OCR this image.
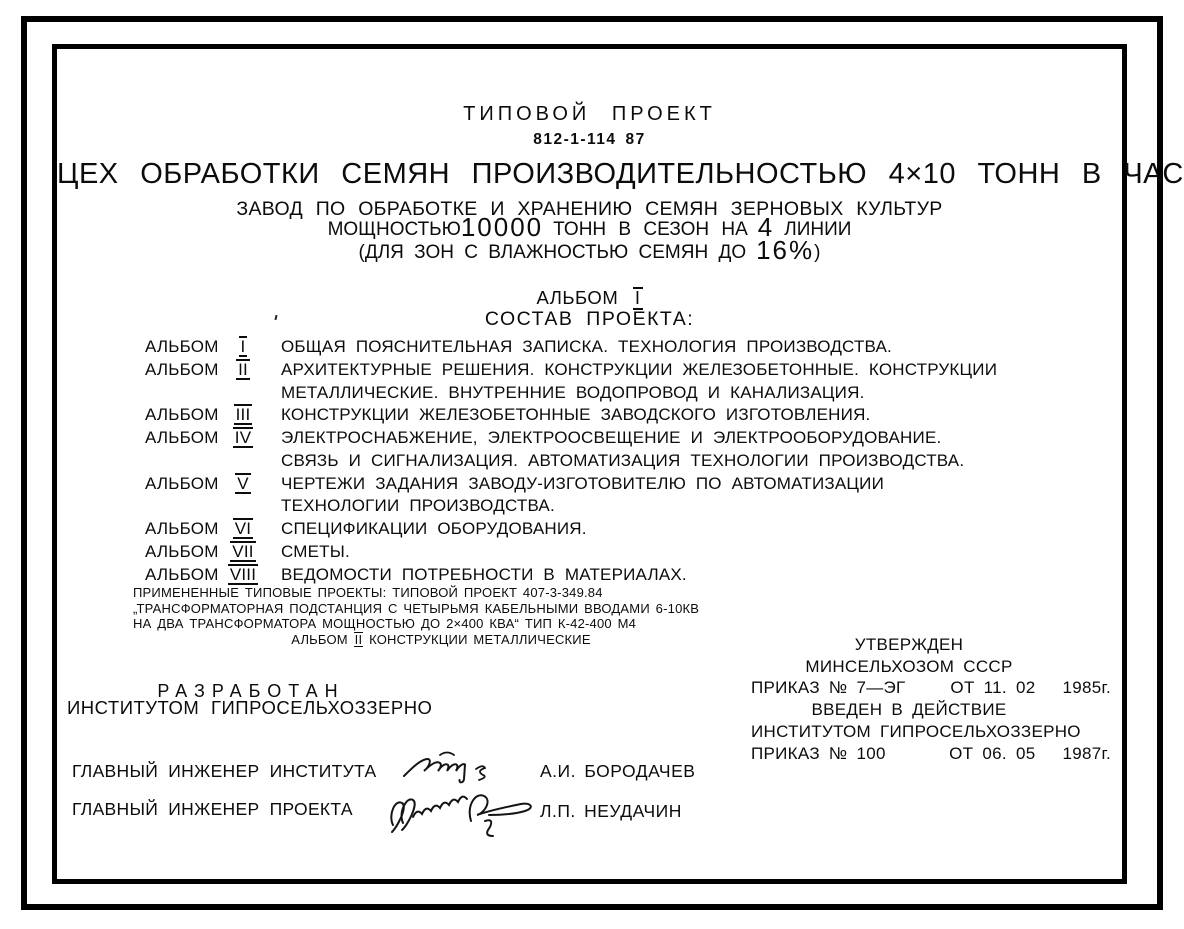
ТИПОВОЙ ПРОЕКТ
812-1-114 87
ЦЕХ ОБРАБОТКИ СЕМЯН ПРОИЗВОДИТЕЛЬНОСТЬЮ 4×10 ТОНН В ЧАС
ЗАВОД ПО ОБРАБОТКЕ И ХРАНЕНИЮ СЕМЯН ЗЕРНОВЫХ КУЛЬТУР
МОЩНОСТЬЮ10000 ТОНН В СЕЗОН НА 4 ЛИНИИ
(ДЛЯ ЗОН С ВЛАЖНОСТЬЮ СЕМЯН ДО 16%)
АЛЬБОМ I
СОСТАВ ПРОЕКТА:
АЛЬБОМ	I	ОБЩАЯ ПОЯСНИТЕЛЬНАЯ ЗАПИСКА. ТЕХНОЛОГИЯ ПРОИЗВОДСТВА.
АЛЬБОМ	II	АРХИТЕКТУРНЫЕ РЕШЕНИЯ. КОНСТРУКЦИИ ЖЕЛЕЗОБЕТОННЫЕ. КОНСТРУКЦИИ
МЕТАЛЛИЧЕСКИЕ. ВНУТРЕННИЕ ВОДОПРОВОД И КАНАЛИЗАЦИЯ.
АЛЬБОМ	III	КОНСТРУКЦИИ ЖЕЛЕЗОБЕТОННЫЕ ЗАВОДСКОГО ИЗГОТОВЛЕНИЯ.
АЛЬБОМ IV	ЭЛЕКТРОСНАБЖЕНИЕ, ЭЛЕКТРООСВЕЩЕНИЕ И ЭЛЕКТРООБОРУДОВАНИЕ.
СВЯЗЬ И СИГНАЛИЗАЦИЯ. АВТОМАТИЗАЦИЯ ТЕХНОЛОГИИ ПРОИЗВОДСТВА.
АЛЬБОМ	V	ЧЕРТЕЖИ ЗАДАНИЯ ЗАВОДУ-ИЗГОТОВИТЕЛЮ ПО АВТОМАТИЗАЦИИ
ТЕХНОЛОГИИ ПРОИЗВОДСТВА.
АЛЬБОМ VI	СПЕЦИФИКАЦИИ ОБОРУДОВАНИЯ.
АЛЬБОМ VII	СМЕТЫ.
АЛЬБОМ VIII	ВЕДОМОСТИ ПОТРЕБНОСТИ В МАТЕРИАЛАХ.
ПРИМЕНЕННЫЕ ТИПОВЫЕ ПРОЕКТЫ: ТИПОВОЙ ПРОЕКТ 407-3-349.84
„ТРАНСФОРМАТОРНАЯ ПОДСТАНЦИЯ С ЧЕТЫРЬМЯ КАБЕЛЬНЫМИ ВВОДАМИ 6-10КВ
НА ДВА ТРАНСФОРМАТОРА МОЩНОСТЬЮ ДО 2×400 КВА“ ТИП К-42-400 М4
АЛЬБОМ II КОНСТРУКЦИИ МЕТАЛЛИЧЕСКИЕ	УТВЕРЖДЕН
МИНСЕЛЬХОЗОМ СССР
ПРИКАЗ № 7—ЭГ	ОТ 11. 02   1985г.
ВВЕДЕН В ДЕЙСТВИЕ
ИНСТИТУТОМ ГИПРОСЕЛЬХОЗЗЕРНО
ПРИКАЗ № 100	ОТ 06. 05   1987г.
РАЗРАБОТАН
ИНСТИТУТОМ ГИПРОСЕЛЬХОЗЗЕРНО
ГЛАВНЫЙ ИНЖЕНЕР ИНСТИТУТА	А.И. БОРОДАЧЕВ
ГЛАВНЫЙ ИНЖЕНЕР ПРОЕКТА	Л.П. НЕУДАЧИН
